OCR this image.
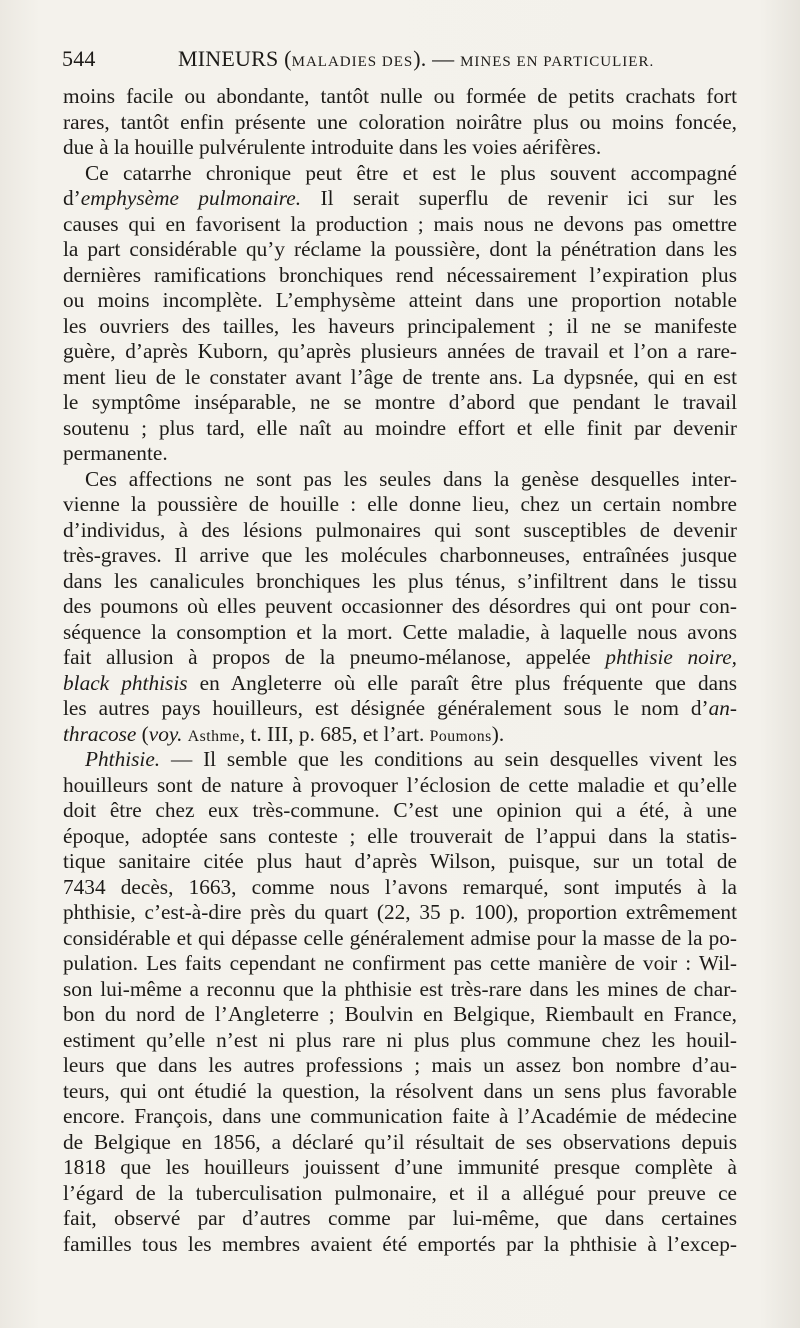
544	MINEURS (MALADIES DES). — MINES EN PARTICULIER.
moins facile ou abondante, tantôt nulle ou formée de petits crachats fort
rares, tantôt enfin présente une coloration noirâtre plus ou moins foncée,
due à la houille pulvérulente introduite dans les voies aérifères.
Ce catarrhe chronique peut être et est le plus souvent accompagné
d’emphysème pulmonaire. Il serait superflu de revenir ici sur les
causes qui en favorisent la production ; mais nous ne devons pas omettre
la part considérable qu’y réclame la poussière, dont la pénétration dans les
dernières ramifications bronchiques rend nécessairement l’expiration plus
ou moins incomplète. L’emphysème atteint dans une proportion notable
les ouvriers des tailles, les haveurs principalement ; il ne se manifeste
guère, d’après Kuborn, qu’après plusieurs années de travail et l’on a rare-
ment lieu de le constater avant l’âge de trente ans. La dypsnée, qui en est
le symptôme inséparable, ne se montre d’abord que pendant le travail
soutenu ; plus tard, elle naît au moindre effort et elle finit par devenir
permanente.
Ces affections ne sont pas les seules dans la genèse desquelles inter-
vienne la poussière de houille : elle donne lieu, chez un certain nombre
d’individus, à des lésions pulmonaires qui sont susceptibles de devenir
très-graves. Il arrive que les molécules charbonneuses, entraînées jusque
dans les canalicules bronchiques les plus ténus, s’infiltrent dans le tissu
des poumons où elles peuvent occasionner des désordres qui ont pour con-
séquence la consomption et la mort. Cette maladie, à laquelle nous avons
fait allusion à propos de la pneumo-mélanose, appelée phthisie noire,
black phthisis en Angleterre où elle paraît être plus fréquente que dans
les autres pays houilleurs, est désignée généralement sous le nom d’an-
thracose (voy. Asthme, t. III, p. 685, et l’art. Poumons).
Phthisie. — Il semble que les conditions au sein desquelles vivent les
houilleurs sont de nature à provoquer l’éclosion de cette maladie et qu’elle
doit être chez eux très-commune. C’est une opinion qui a été, à une
époque, adoptée sans conteste ; elle trouverait de l’appui dans la statis-
tique sanitaire citée plus haut d’après Wilson, puisque, sur un total de
7434 decès, 1663, comme nous l’avons remarqué, sont imputés à la
phthisie, c’est-à-dire près du quart (22, 35 p. 100), proportion extrêmement
considérable et qui dépasse celle généralement admise pour la masse de la po-
pulation. Les faits cependant ne confirment pas cette manière de voir : Wil-
son lui-même a reconnu que la phthisie est très-rare dans les mines de char-
bon du nord de l’Angleterre ; Boulvin en Belgique, Riembault en France,
estiment qu’elle n’est ni plus rare ni plus plus commune chez les houil-
leurs que dans les autres professions ; mais un assez bon nombre d’au-
teurs, qui ont étudié la question, la résolvent dans un sens plus favorable
encore. François, dans une communication faite à l’Académie de médecine
de Belgique en 1856, a déclaré qu’il résultait de ses observations depuis
1818 que les houilleurs jouissent d’une immunité presque complète à
l’égard de la tuberculisation pulmonaire, et il a allégué pour preuve ce
fait, observé par d’autres comme par lui-même, que dans certaines
familles tous les membres avaient été emportés par la phthisie à l’excep-
